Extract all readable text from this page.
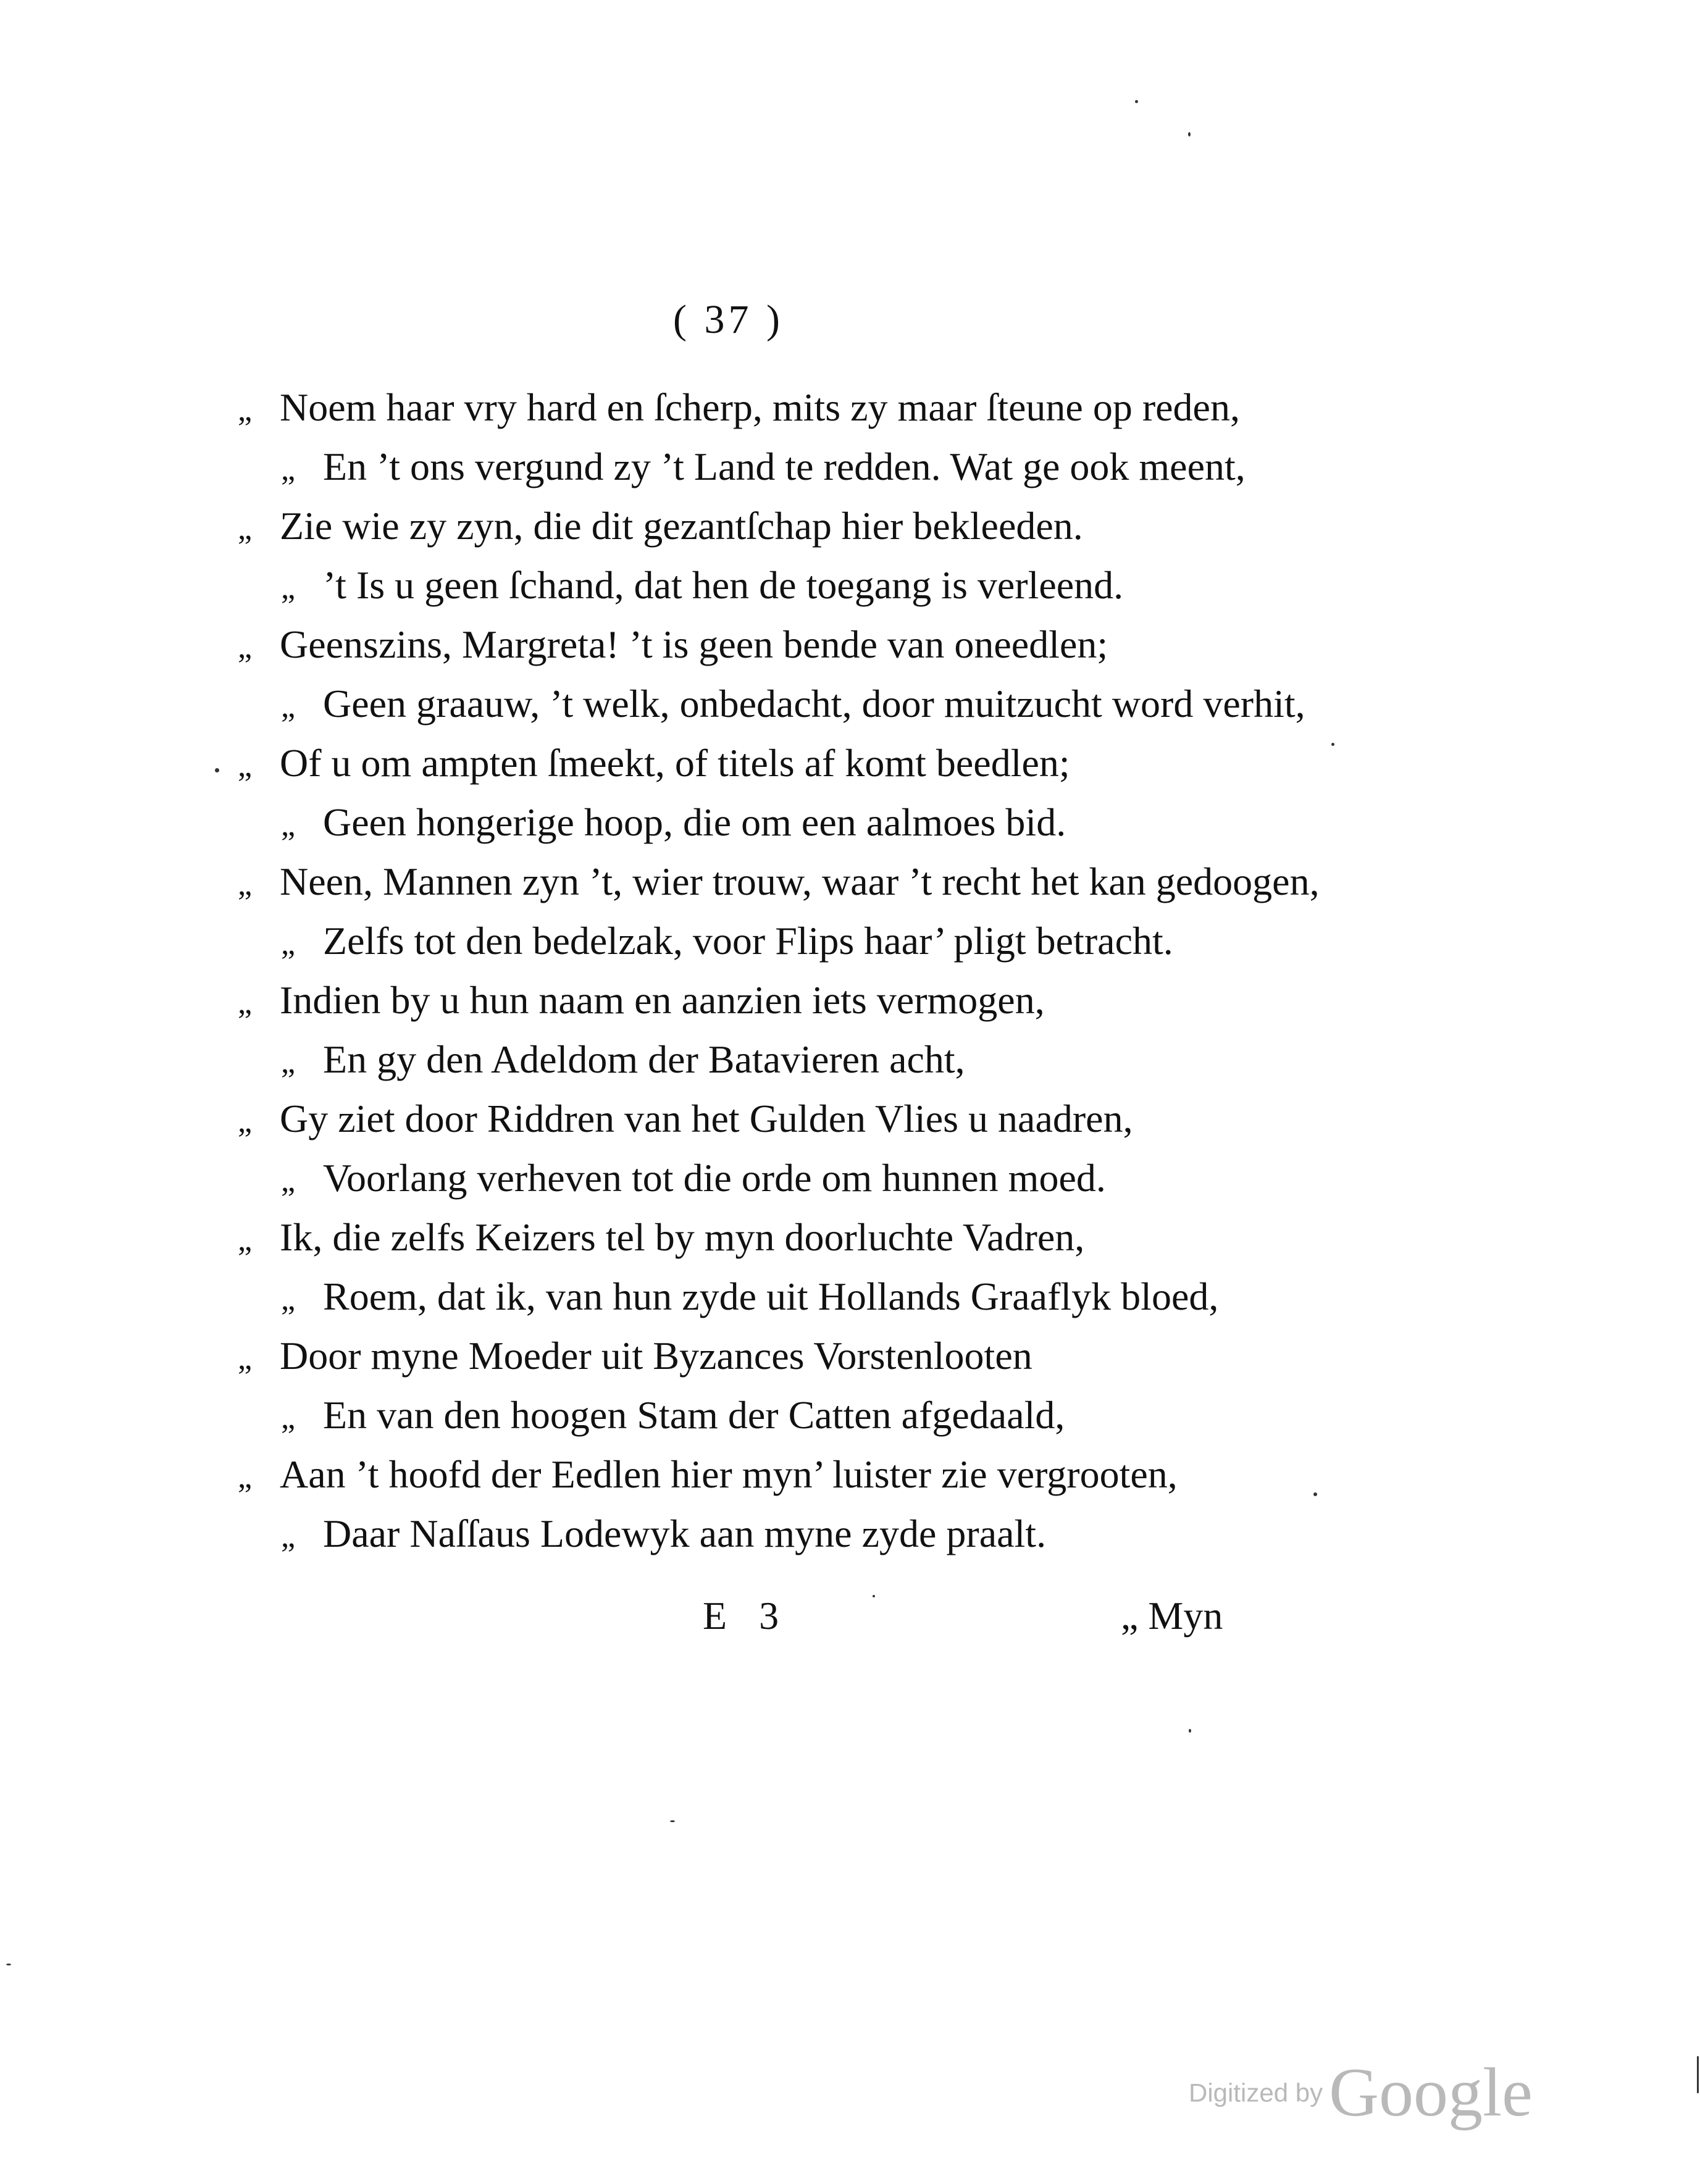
( 37 )
„ Noem haar vry hard en ſcherp, mits zy maar ſteune op reden,
„ En ’t ons vergund zy ’t Land te redden. Wat ge ook meent,
„ Zie wie zy zyn, die dit gezantſchap hier bekleeden.
„ ’t Is u geen ſchand, dat hen de toegang is verleend.
„ Geenszins, Margreta! ’t is geen bende van oneedlen;
„ Geen graauw, ’t welk, onbedacht, door muitzucht word verhit,
„ Of u om ampten ſmeekt, of titels af komt beedlen;
„ Geen hongerige hoop, die om een aalmoes bid.
„ Neen, Mannen zyn ’t, wier trouw, waar ’t recht het kan gedoogen,
„ Zelfs tot den bedelzak, voor Flips haar’ pligt betracht.
„ Indien by u hun naam en aanzien iets vermogen,
„ En gy den Adeldom der Batavieren acht,
„ Gy ziet door Riddren van het Gulden Vlies u naadren,
„ Voorlang verheven tot die orde om hunnen moed.
„ Ik, die zelfs Keizers tel by myn doorluchte Vadren,
„ Roem, dat ik, van hun zyde uit Hollands Graaflyk bloed,
„ Door myne Moeder uit Byzances Vorstenlooten
„ En van den hoogen Stam der Catten afgedaald,
„ Aan ’t hoofd der Eedlen hier myn’ luister zie vergrooten,
„ Daar Naſſaus Lodewyk aan myne zyde praalt.
E 3	„ Myn
Digitized by Google
